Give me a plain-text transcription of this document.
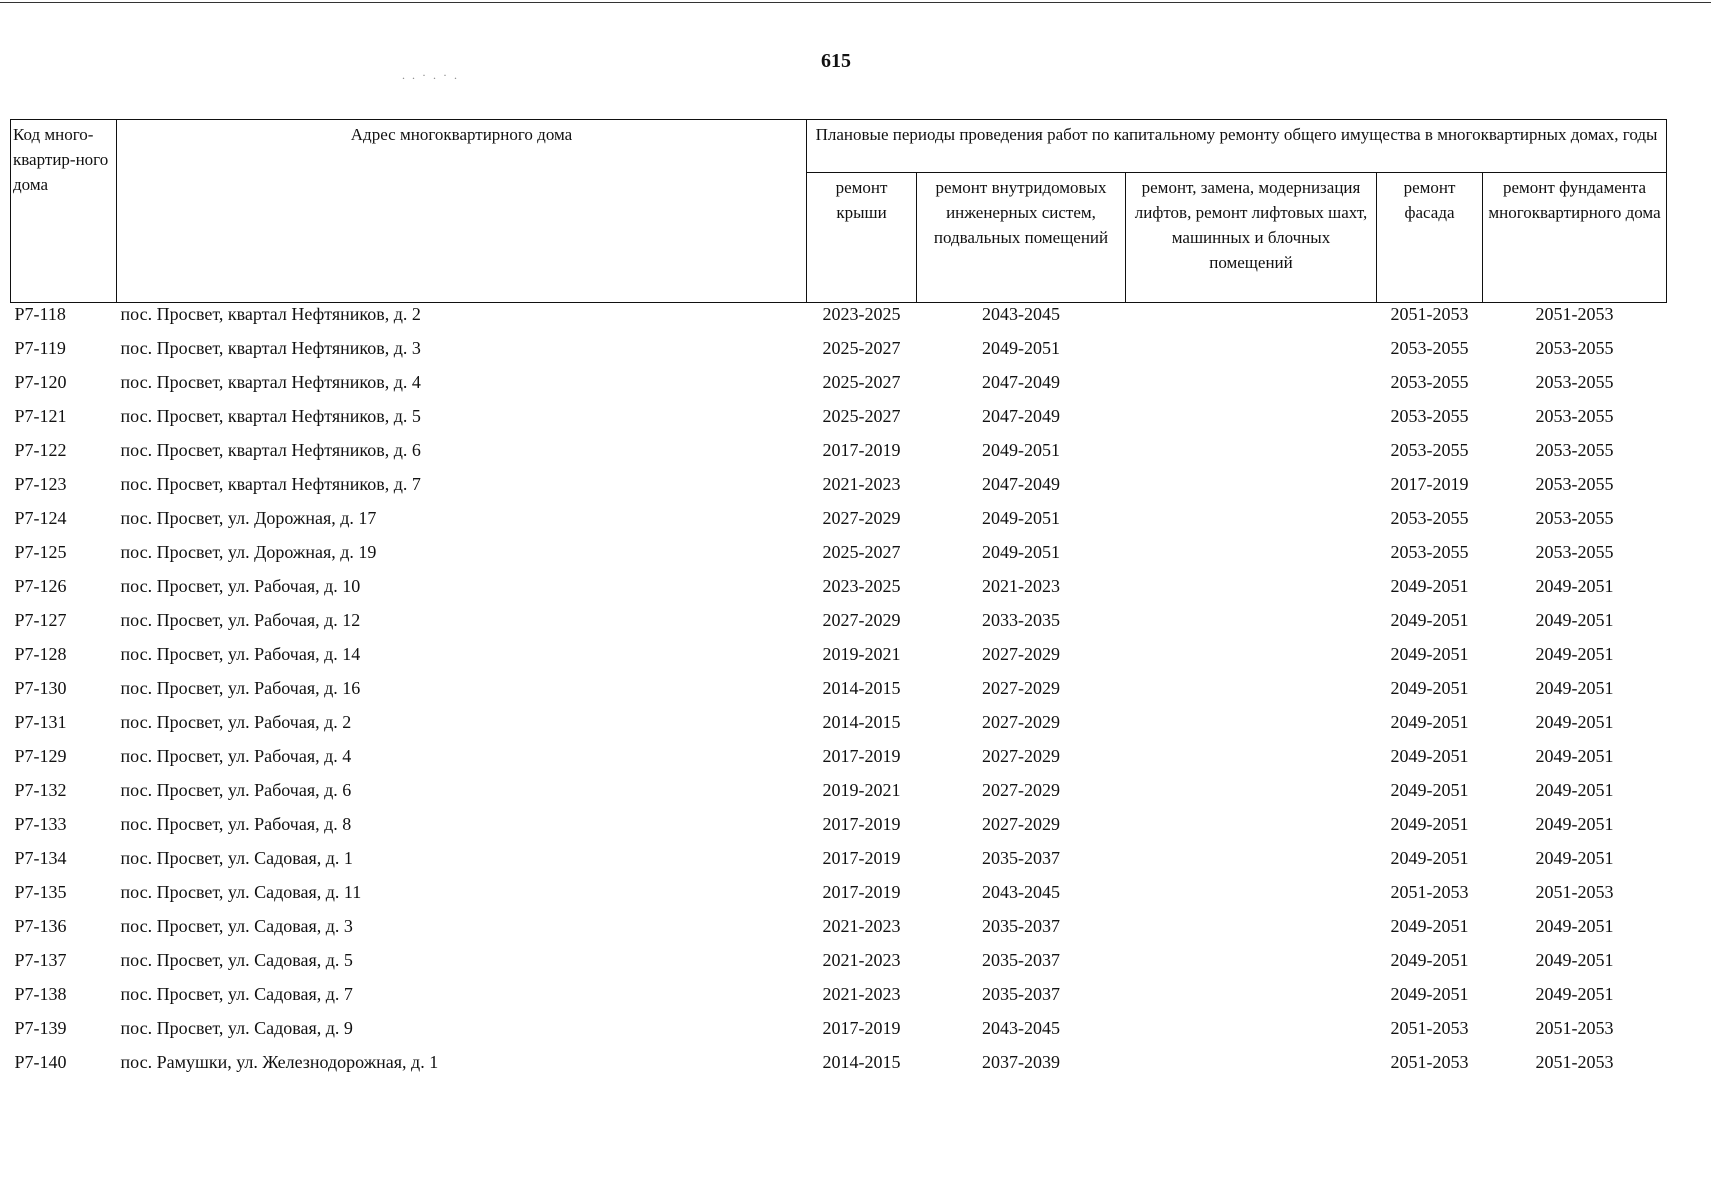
. . · . · .
615
Код много-квартир-ного дома	Адрес многоквартирного дома	Плановые периоды проведения работ по капитальному ремонту общего имущества в многоквартирных домах, годы				
		ремонт крыши	ремонт внутридомовых инженерных систем, подвальных помещений	ремонт, замена, модернизация лифтов, ремонт лифтовых шахт, машинных и блочных помещений	ремонт фасада	ремонт фундамента многоквартирного дома
Р7-118	пос. Просвет, квартал Нефтяников, д. 2	2023-2025	2043-2045		2051-2053	2051-2053
Р7-119	пос. Просвет, квартал Нефтяников, д. 3	2025-2027	2049-2051		2053-2055	2053-2055
Р7-120	пос. Просвет, квартал Нефтяников, д. 4	2025-2027	2047-2049		2053-2055	2053-2055
Р7-121	пос. Просвет, квартал Нефтяников, д. 5	2025-2027	2047-2049		2053-2055	2053-2055
Р7-122	пос. Просвет, квартал Нефтяников, д. 6	2017-2019	2049-2051		2053-2055	2053-2055
Р7-123	пос. Просвет, квартал Нефтяников, д. 7	2021-2023	2047-2049		2017-2019	2053-2055
Р7-124	пос. Просвет, ул. Дорожная, д. 17	2027-2029	2049-2051		2053-2055	2053-2055
Р7-125	пос. Просвет, ул. Дорожная, д. 19	2025-2027	2049-2051		2053-2055	2053-2055
Р7-126	пос. Просвет, ул. Рабочая, д. 10	2023-2025	2021-2023		2049-2051	2049-2051
Р7-127	пос. Просвет, ул. Рабочая, д. 12	2027-2029	2033-2035		2049-2051	2049-2051
Р7-128	пос. Просвет, ул. Рабочая, д. 14	2019-2021	2027-2029		2049-2051	2049-2051
Р7-130	пос. Просвет, ул. Рабочая, д. 16	2014-2015	2027-2029		2049-2051	2049-2051
Р7-131	пос. Просвет, ул. Рабочая, д. 2	2014-2015	2027-2029		2049-2051	2049-2051
Р7-129	пос. Просвет, ул. Рабочая, д. 4	2017-2019	2027-2029		2049-2051	2049-2051
Р7-132	пос. Просвет, ул. Рабочая, д. 6	2019-2021	2027-2029		2049-2051	2049-2051
Р7-133	пос. Просвет, ул. Рабочая, д. 8	2017-2019	2027-2029		2049-2051	2049-2051
Р7-134	пос. Просвет, ул. Садовая, д. 1	2017-2019	2035-2037		2049-2051	2049-2051
Р7-135	пос. Просвет, ул. Садовая, д. 11	2017-2019	2043-2045		2051-2053	2051-2053
Р7-136	пос. Просвет, ул. Садовая, д. 3	2021-2023	2035-2037		2049-2051	2049-2051
Р7-137	пос. Просвет, ул. Садовая, д. 5	2021-2023	2035-2037		2049-2051	2049-2051
Р7-138	пос. Просвет, ул. Садовая, д. 7	2021-2023	2035-2037		2049-2051	2049-2051
Р7-139	пос. Просвет, ул. Садовая, д. 9	2017-2019	2043-2045		2051-2053	2051-2053
Р7-140	пос. Рамушки, ул. Железнодорожная, д. 1	2014-2015	2037-2039		2051-2053	2051-2053
